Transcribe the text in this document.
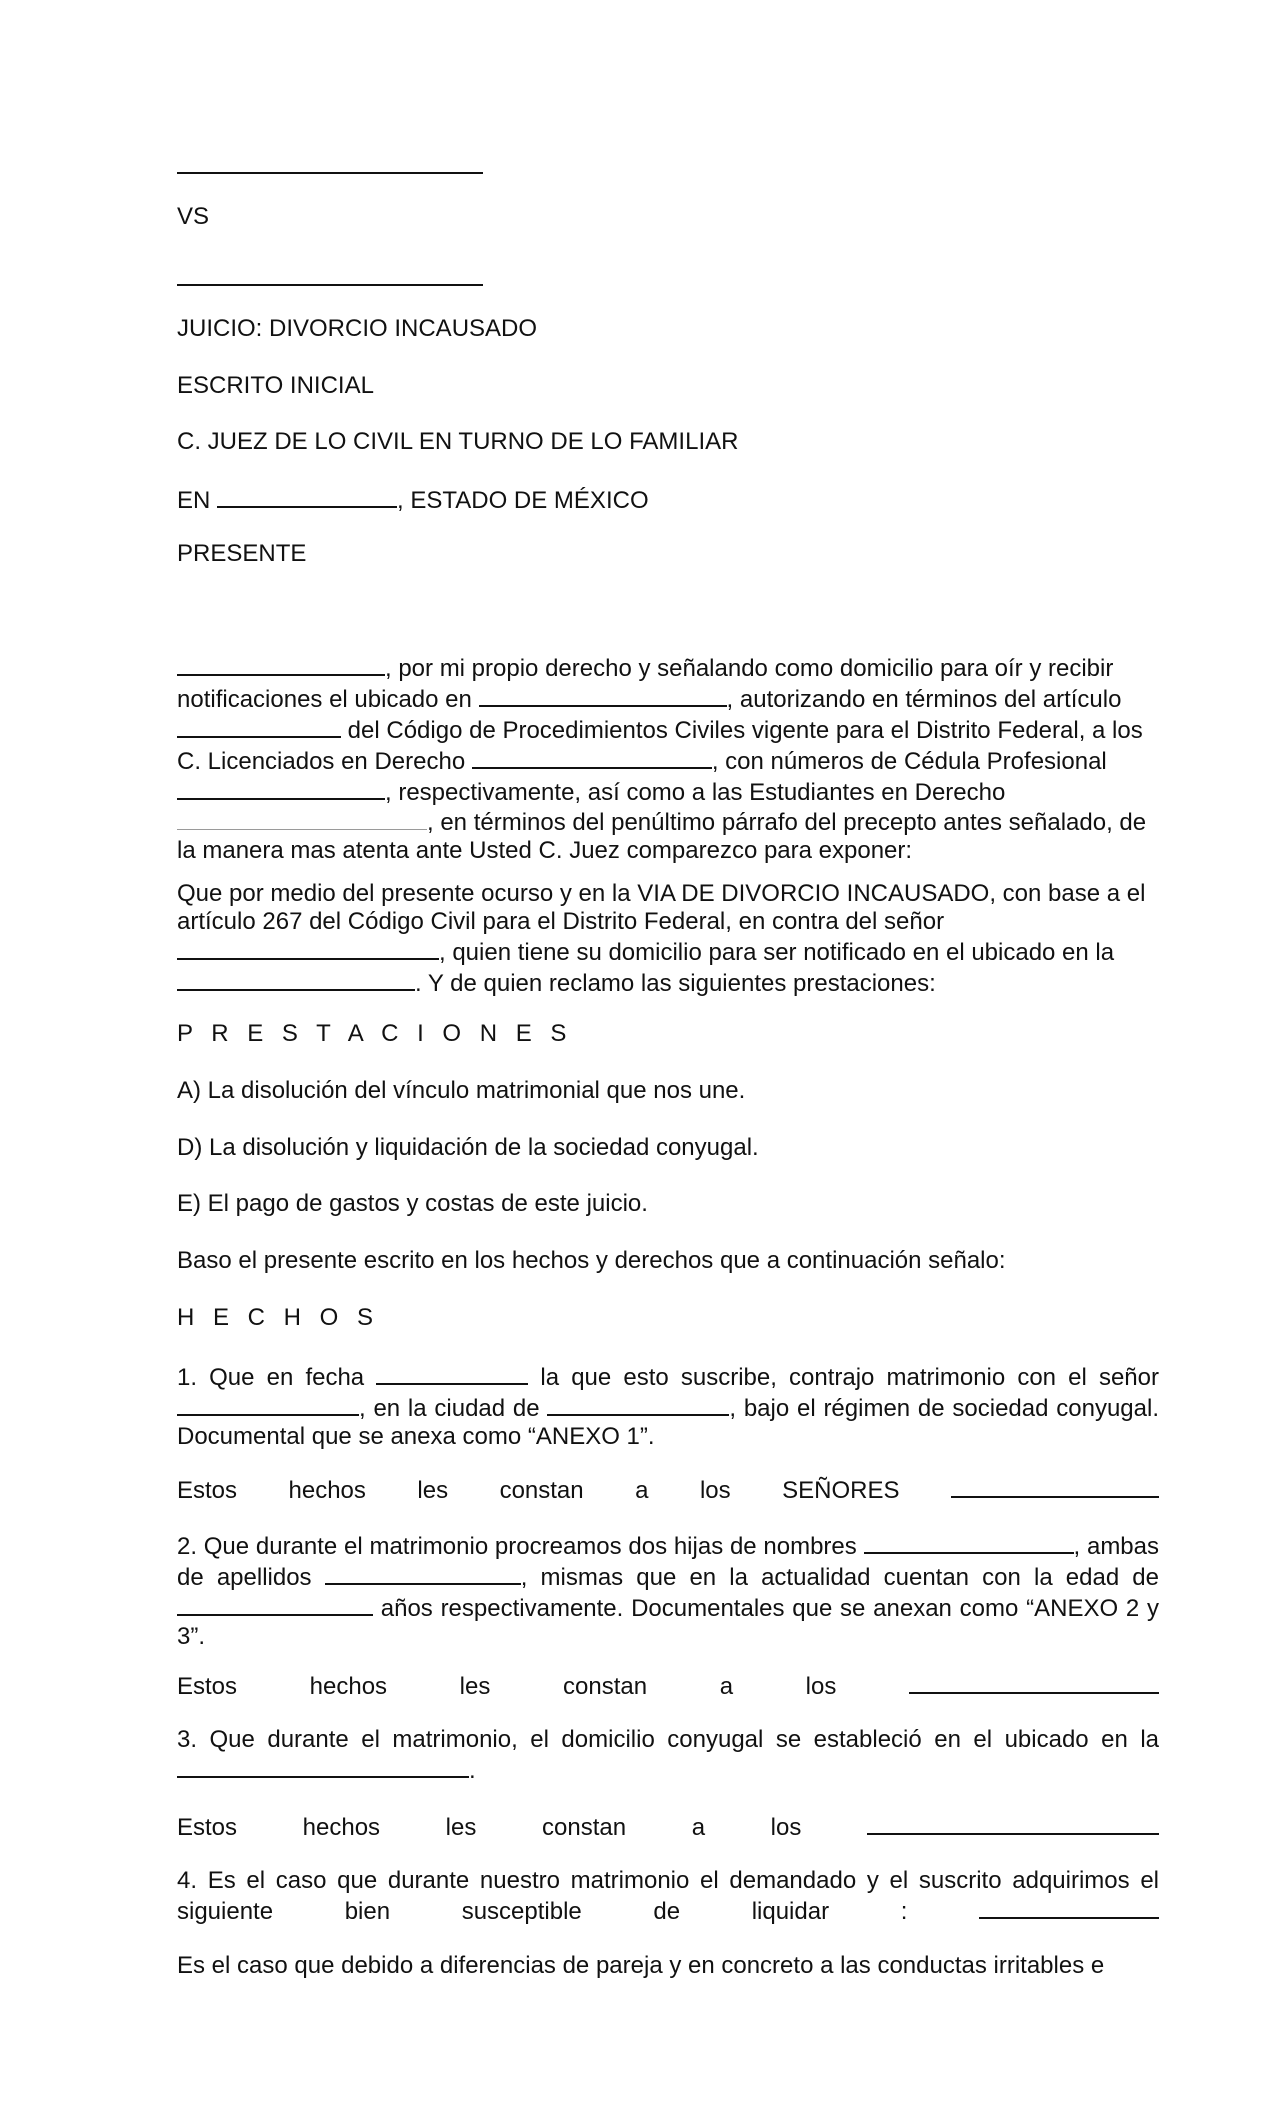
VS

JUICIO: DIVORCIO INCAUSADO

ESCRITO INICIAL

C. JUEZ DE LO CIVIL EN TURNO DE LO FAMILIAR

EN	, ESTADO DE MÉXICO

PRESENTE

, por mi propio derecho y señalando como domicilio para oír y recibir notificaciones el ubicado en	, autorizando en términos del artículo  del Código de Procedimientos Civiles vigente para el Distrito Federal, a los C. Licenciados en Derecho	, con números de Cédula Profesional , respectivamente, así como a las Estudiantes en Derecho , en términos del penúltimo párrafo del precepto antes señalado, de la manera mas atenta ante Usted C. Juez comparezco para exponer:

Que por medio del presente ocurso y en la VIA DE DIVORCIO INCAUSADO, con base a el artículo 267 del Código Civil para el Distrito Federal, en contra del señor, quien tiene su domicilio para ser notificado en el ubicado en la . Y de quien reclamo las siguientes prestaciones:

P R E S T A C I O N E S

A) La disolución del vínculo matrimonial que nos une.

D) La disolución y liquidación de la sociedad conyugal.

E) El pago de gastos y costas de este juicio.

Baso el presente escrito en los hechos y derechos que a continuación señalo:

H E C H O S

1. Que en fecha	la que esto suscribe, contrajo matrimonio con el señor , en la ciudad de	, bajo el régimen de sociedad conyugal. Documental que se anexa como “ANEXO 1”.

Estos hechos les constan a los SEÑORES

2. Que durante el matrimonio procreamos dos hijas de nombres	, ambas de apellidos	, mismas que en la actualidad cuentan con la edad de  años respectivamente. Documentales que se anexan como “ANEXO 2 y 3”.

Estos hechos les constan a los

3. Que durante el matrimonio, el domicilio conyugal se estableció en el ubicado en la .

Estos hechos les constan a los

4. Es el caso que durante nuestro matrimonio el demandado y el suscrito adquirimos el siguiente bien susceptible de liquidar :

Es el caso que debido a diferencias de pareja y en concreto a las conductas irritables e
